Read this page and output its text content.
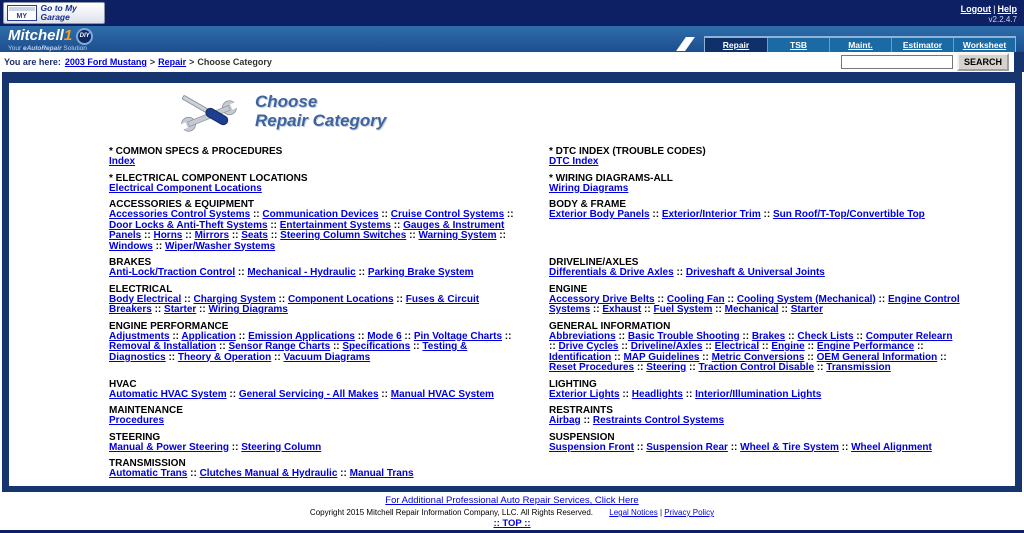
MY
Go to My Garage
Logout | Help
v2.2.4.7
Mitchell1 DIY
Your eAutoRepair Solution	Repair	TSB	Maint.	Estimator	Worksheet
You are here: 2003 Ford Mustang > Repair > Choose Category	SEARCH
Choose
Repair Category
* COMMON SPECS & PROCEDURES
Index
* DTC INDEX (TROUBLE CODES)
DTC Index
* ELECTRICAL COMPONENT LOCATIONS
Electrical Component Locations
* WIRING DIAGRAMS-ALL
Wiring Diagrams
ACCESSORIES & EQUIPMENT
Accessories Control Systems :: Communication Devices :: Cruise Control Systems :: Door Locks & Anti-Theft Systems :: Entertainment Systems :: Gauges & Instrument Panels :: Horns :: Mirrors :: Seats :: Steering Column Switches :: Warning System :: Windows :: Wiper/Washer Systems
BODY & FRAME
Exterior Body Panels :: Exterior/Interior Trim :: Sun Roof/T-Top/Convertible Top
BRAKES
Anti-Lock/Traction Control :: Mechanical - Hydraulic :: Parking Brake System
DRIVELINE/AXLES
Differentials & Drive Axles :: Driveshaft & Universal Joints
ELECTRICAL
Body Electrical :: Charging System :: Component Locations :: Fuses & Circuit Breakers :: Starter :: Wiring Diagrams
ENGINE
Accessory Drive Belts :: Cooling Fan :: Cooling System (Mechanical) :: Engine Control Systems :: Exhaust :: Fuel System :: Mechanical :: Starter
ENGINE PERFORMANCE
Adjustments :: Application :: Emission Applications :: Mode 6 :: Pin Voltage Charts :: Removal & Installation :: Sensor Range Charts :: Specifications :: Testing & Diagnostics :: Theory & Operation :: Vacuum Diagrams
GENERAL INFORMATION
Abbreviations :: Basic Trouble Shooting :: Brakes :: Check Lists :: Computer Relearn :: Drive Cycles :: Driveline/Axles :: Electrical :: Engine :: Engine Performance :: Identification :: MAP Guidelines :: Metric Conversions :: OEM General Information :: Reset Procedures :: Steering :: Traction Control Disable :: Transmission
HVAC
Automatic HVAC System :: General Servicing - All Makes :: Manual HVAC System
LIGHTING
Exterior Lights :: Headlights :: Interior/Illumination Lights
MAINTENANCE
Procedures
RESTRAINTS
Airbag :: Restraints Control Systems
STEERING
Manual & Power Steering :: Steering Column
SUSPENSION
Suspension Front :: Suspension Rear :: Wheel & Tire System :: Wheel Alignment
TRANSMISSION
Automatic Trans :: Clutches Manual & Hydraulic :: Manual Trans
For Additional Professional Auto Repair Services, Click Here
Copyright 2015 Mitchell Repair Information Company, LLC. All Rights Reserved. Legal Notices | Privacy Policy
:: TOP ::
